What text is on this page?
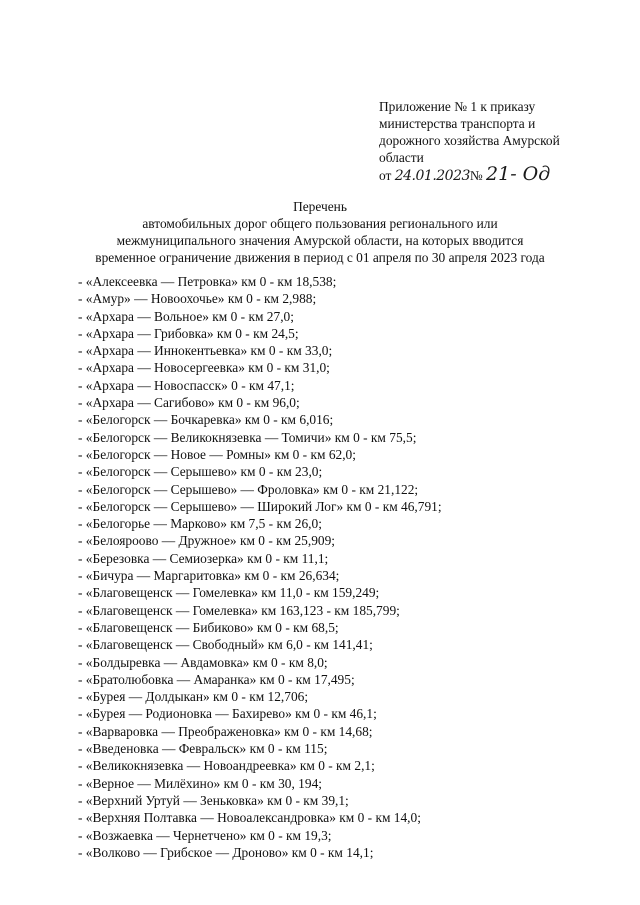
Приложение № 1 к приказу
министерства транспорта и
дорожного хозяйства Амурской
области
от 24.01.2023№ 21- Од
Перечень
автомобильных дорог общего пользования регионального или
межмуниципального значения Амурской области, на которых вводится
временное ограничение движения в период с 01 апреля по 30 апреля 2023 года
- «Алексеевка — Петровка» км 0 - км 18,538;
- «Амур» — Новоохочье» км 0 - км 2,988;
- «Архара — Вольное» км 0 - км 27,0;
- «Архара — Грибовка» км 0 - км 24,5;
- «Архара — Иннокентьевка» км 0 - км 33,0;
- «Архара — Новосергеевка» км 0 - км 31,0;
- «Архара — Новоспасск» 0 - км 47,1;
- «Архара — Сагибово» км 0 - км 96,0;
- «Белогорск — Бочкаревка» км 0 - км 6,016;
- «Белогорск — Великокнязевка — Томичи» км 0 - км 75,5;
- «Белогорск — Новое — Ромны» км 0 - км 62,0;
- «Белогорск — Серышево» км 0 - км 23,0;
- «Белогорск — Серышево» — Фроловка» км 0 - км 21,122;
- «Белогорск — Серышево» — Широкий Лог» км 0 - км 46,791;
- «Белогорье — Марково» км 7,5 - км 26,0;
- «Белояроово — Дружное» км 0 - км 25,909;
- «Березовка — Семиозерка» км 0 - км 11,1;
- «Бичура — Маргаритовка» км 0 - км 26,634;
- «Благовещенск — Гомелевка» км 11,0 - км 159,249;
- «Благовещенск — Гомелевка» км 163,123 - км 185,799;
- «Благовещенск — Бибиково» км 0 - км 68,5;
- «Благовещенск — Свободный» км 6,0 - км 141,41;
- «Болдыревка — Авдамовка» км 0 - км 8,0;
- «Братолюбовка — Амаранка» км 0 - км 17,495;
- «Бурея — Долдыкан» км 0 - км 12,706;
- «Бурея — Родионовка — Бахирево» км 0 - км 46,1;
- «Варваровка — Преображеновка» км 0 - км 14,68;
- «Введеновка — Февральск» км 0 - км 115;
- «Великокнязевка — Новоандреевка» км 0 - км 2,1;
- «Верное — Милёхино» км 0 - км 30, 194;
- «Верхний Уртуй — Зеньковка» км 0 - км 39,1;
- «Верхняя Полтавка — Новоалександровка» км 0 - км 14,0;
- «Возжаевка — Чернетчено» км 0 - км 19,3;
- «Волково — Грибское — Дроново» км 0 - км 14,1;
